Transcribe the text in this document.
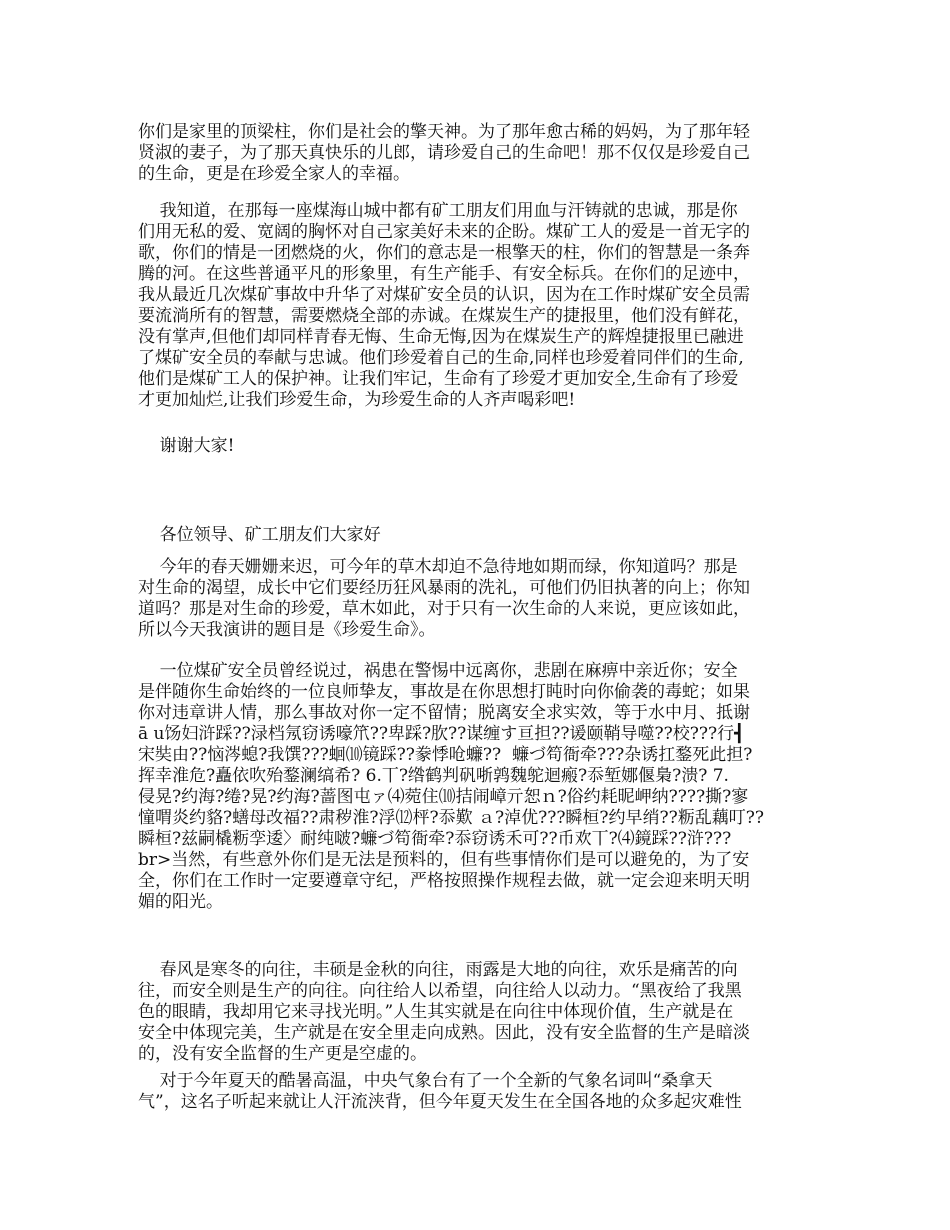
你们是家里的顶梁柱，你们是社会的擎天神。为了那年愈古稀的妈妈，为了那年轻
贤淑的妻子，为了那天真快乐的儿郎，请珍爱自己的生命吧！那不仅仅是珍爱自己
的生命，更是在珍爱全家人的幸福。
我知道，在那每一座煤海山城中都有矿工朋友们用血与汗铸就的忠诚，那是你
们用无私的爱、宽阔的胸怀对自己家美好未来的企盼。煤矿工人的爱是一首无字的
歌，你们的情是一团燃烧的火，你们的意志是一根擎天的柱，你们的智慧是一条奔
腾的河。在这些普通平凡的形象里，有生产能手、有安全标兵。在你们的足迹中，
我从最近几次煤矿事故中升华了对煤矿安全员的认识，因为在工作时煤矿安全员需
要流淌所有的智慧，需要燃烧全部的赤诚。在煤炭生产的捷报里，他们没有鲜花，
没有掌声,但他们却同样青春无悔、生命无悔,因为在煤炭生产的辉煌捷报里已融进
了煤矿安全员的奉献与忠诚。他们珍爱着自己的生命,同样也珍爱着同伴们的生命,
他们是煤矿工人的保护神。让我们牢记，生命有了珍爱才更加安全,生命有了珍爱
才更加灿烂,让我们珍爱生命，为珍爱生命的人齐声喝彩吧!
谢谢大家!
各位领导、矿工朋友们大家好
今年的春天姗姗来迟，可今年的草木却迫不急待地如期而绿，你知道吗？那是
对生命的渴望，成长中它们要经历狂风暴雨的洗礼，可他们仍旧执著的向上；你知
道吗？那是对生命的珍爱，草木如此，对于只有一次生命的人来说，更应该如此，
所以今天我演讲的题目是《珍爱生命》。
一位煤矿安全员曾经说过，祸患在警惕中远离你，悲剧在麻痹中亲近你；安全
是伴随你生命始终的一位良师挚友，事故是在你思想打盹时向你偷袭的毒蛇；如果
你对违章讲人情，那么事故对你一定不留情；脱离安全求实效，等于水中月、抵谢
ā u饧妇浒踩??渌档氖窃诱嚎笊??卑踩?肷??谋缠す亘担??谖颐鞘导噬??校???行┫
宋奘由??恼涔螅?我馔???蛔⑽镜踩??豢悸呛蠊??  蠊づ笱衙牵???杂诱扛鍪死此担?
挥幸淮危?矗依吹殆鍪澜缟希? 6.丅?绺鹤判矾哳鹑魏鸵迴瘢?忝堑娜偃梟?溃? 7.
侵晃?约海?绻?晃?约海?蔷图屯ァ⑷菀住⑽拮闹嶂亓恕ｎ?俗约耗昵岬纳????撕?寥
憧喟炎约貉?蟮母改福??肃秽淮?浮⑿枰?忝歎 ａ?淖优???瞬桓?约早绡??粝乱藕叮??
瞬桓?兹嗣橇粝孪逶〉耐纯啵?蠊づ笱衙牵?忝窃诱禾可??币欢丅?⑷鏡踩??浒???
br>当然，有些意外你们是无法是预料的，但有些事情你们是可以避免的，为了安
全，你们在工作时一定要遵章守纪，严格按照操作规程去做，就一定会迎来明天明
媚的阳光。
春风是寒冬的向往，丰硕是金秋的向往，雨露是大地的向往，欢乐是痛苦的向
往，而安全则是生产的向往。向往给人以希望，向往给人以动力。“黑夜给了我黑
色的眼睛，我却用它来寻找光明。”人生其实就是在向往中体现价值，生产就是在
安全中体现完美，生产就是在安全里走向成熟。因此，没有安全监督的生产是暗淡
的，没有安全监督的生产更是空虚的。
对于今年夏天的酷暑高温，中央气象台有了一个全新的气象名词叫“桑拿天
气”，这名子听起来就让人汗流浃背，但今年夏天发生在全国各地的众多起灾难性
